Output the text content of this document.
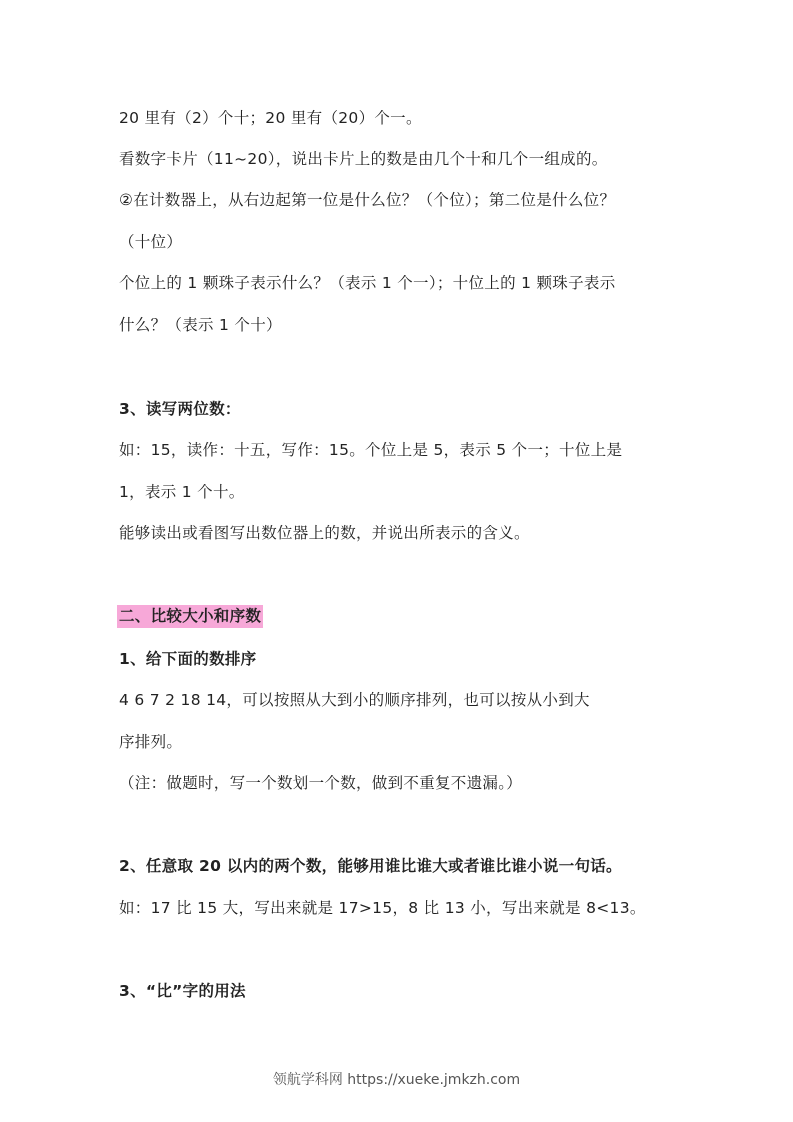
20 里有（2）个十；20 里有（20）个一。
看数字卡片（11~20），说出卡片上的数是由几个十和几个一组成的。
②在计数器上，从右边起第一位是什么位？（个位）；第二位是什么位？
（十位）
个位上的 1 颗珠子表示什么？（表示 1 个一）；十位上的 1 颗珠子表示
什么？（表示 1 个十）
3、读写两位数：
如：15，读作：十五，写作：15。个位上是 5，表示 5 个一；十位上是
1，表示 1 个十。
能够读出或看图写出数位器上的数，并说出所表示的含义。
二、比较大小和序数
1、给下面的数排序
4 6 7 2 18 14，可以按照从大到小的顺序排列，也可以按从小到大
序排列。
（注：做题时，写一个数划一个数，做到不重复不遗漏。）
2、任意取 20 以内的两个数，能够用谁比谁大或者谁比谁小说一句话。
如：17 比 15 大，写出来就是 17>15，8 比 13 小，写出来就是 8<13。
3、“比”字的用法
领航学科网 https://xueke.jmkzh.com
